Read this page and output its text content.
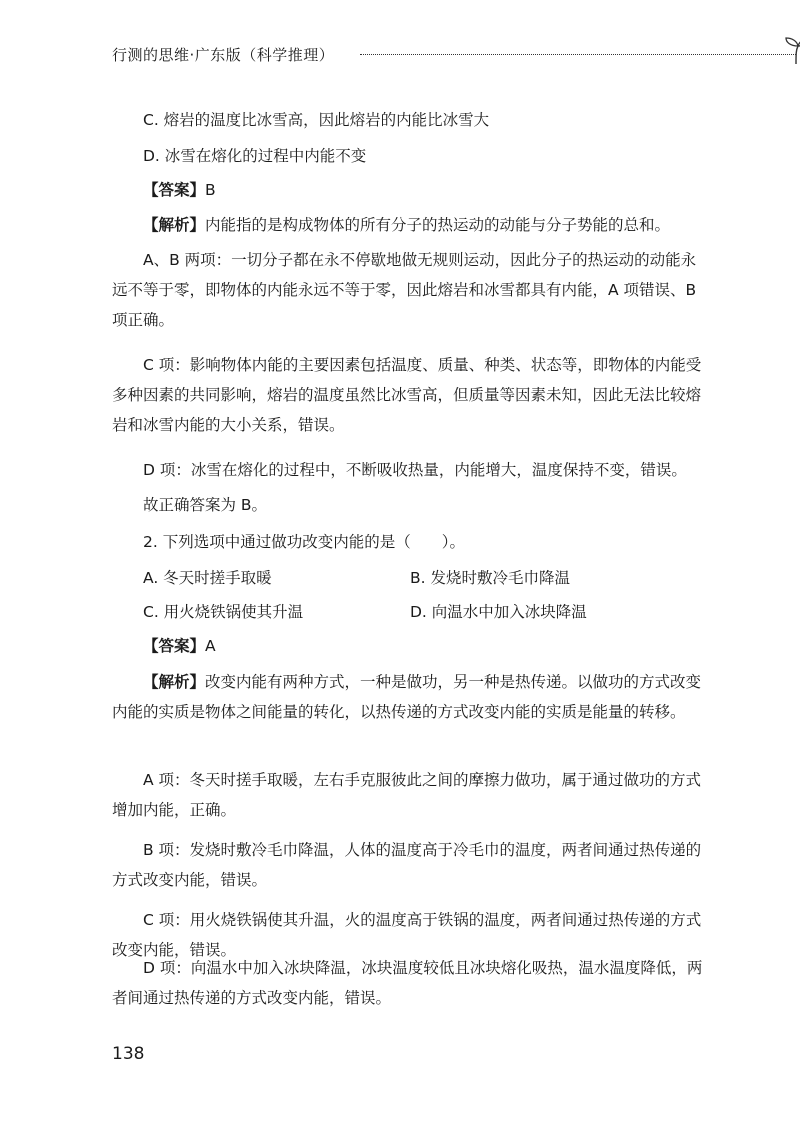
行测的思维·广东版（科学推理）

C. 熔岩的温度比冰雪高，因此熔岩的内能比冰雪大

D. 冰雪在熔化的过程中内能不变

【答案】B

【解析】内能指的是构成物体的所有分子的热运动的动能与分子势能的总和。

A、B 两项：一切分子都在永不停歇地做无规则运动，因此分子的热运动的动能永远不等于零，即物体的内能永远不等于零，因此熔岩和冰雪都具有内能，A 项错误、B 项正确。

C 项：影响物体内能的主要因素包括温度、质量、种类、状态等，即物体的内能受多种因素的共同影响，熔岩的温度虽然比冰雪高，但质量等因素未知，因此无法比较熔岩和冰雪内能的大小关系，错误。

D 项：冰雪在熔化的过程中，不断吸收热量，内能增大，温度保持不变，错误。

故正确答案为 B。

2. 下列选项中通过做功改变内能的是（　　）。

A. 冬天时搓手取暖	B. 发烧时敷冷毛巾降温

C. 用火烧铁锅使其升温	D. 向温水中加入冰块降温

【答案】A

【解析】改变内能有两种方式，一种是做功，另一种是热传递。以做功的方式改变内能的实质是物体之间能量的转化，以热传递的方式改变内能的实质是能量的转移。

A 项：冬天时搓手取暖，左右手克服彼此之间的摩擦力做功，属于通过做功的方式增加内能，正确。

B 项：发烧时敷冷毛巾降温，人体的温度高于冷毛巾的温度，两者间通过热传递的方式改变内能，错误。

C 项：用火烧铁锅使其升温，火的温度高于铁锅的温度，两者间通过热传递的方式改变内能，错误。

D 项：向温水中加入冰块降温，冰块温度较低且冰块熔化吸热，温水温度降低，两者间通过热传递的方式改变内能，错误。

138
